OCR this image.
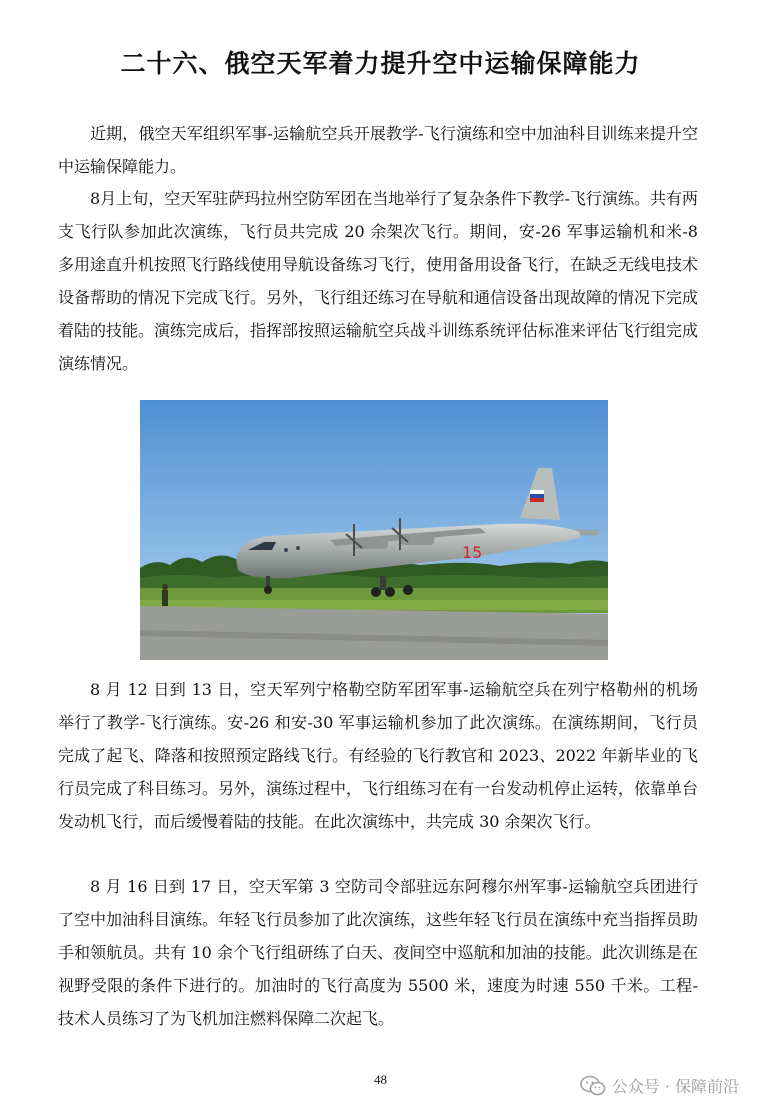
二十六、俄空天军着力提升空中运输保障能力

近期，俄空天军组织军事-运输航空兵开展教学-飞行演练和空中加油科目训练来提升空中运输保障能力。

8月上旬，空天军驻萨玛拉州空防军团在当地举行了复杂条件下教学-飞行演练。共有两支飞行队参加此次演练，飞行员共完成 20 余架次飞行。期间，安-26 军事运输机和米-8 多用途直升机按照飞行路线使用导航设备练习飞行，使用备用设备飞行，在缺乏无线电技术设备帮助的情况下完成飞行。另外，飞行组还练习在导航和通信设备出现故障的情况下完成着陆的技能。演练完成后，指挥部按照运输航空兵战斗训练系统评估标准来评估飞行组完成演练情况。

15

8 月 12 日到 13 日，空天军列宁格勒空防军团军事-运输航空兵在列宁格勒州的机场举行了教学-飞行演练。安-26 和安-30 军事运输机参加了此次演练。在演练期间，飞行员完成了起飞、降落和按照预定路线飞行。有经验的飞行教官和 2023、2022 年新毕业的飞行员完成了科目练习。另外，演练过程中，飞行组练习在有一台发动机停止运转，依靠单台发动机飞行，而后缓慢着陆的技能。在此次演练中，共完成 30 余架次飞行。

8 月 16 日到 17 日，空天军第 3 空防司令部驻远东阿穆尔州军事-运输航空兵团进行了空中加油科目演练。年轻飞行员参加了此次演练，这些年轻飞行员在演练中充当指挥员助手和领航员。共有 10 余个飞行组研练了白天、夜间空中巡航和加油的技能。此次训练是在视野受限的条件下进行的。加油时的飞行高度为 5500 米，速度为时速 550 千米。工程-技术人员练习了为飞机加注燃料保障二次起飞。

48	公众号 · 保障前沿
